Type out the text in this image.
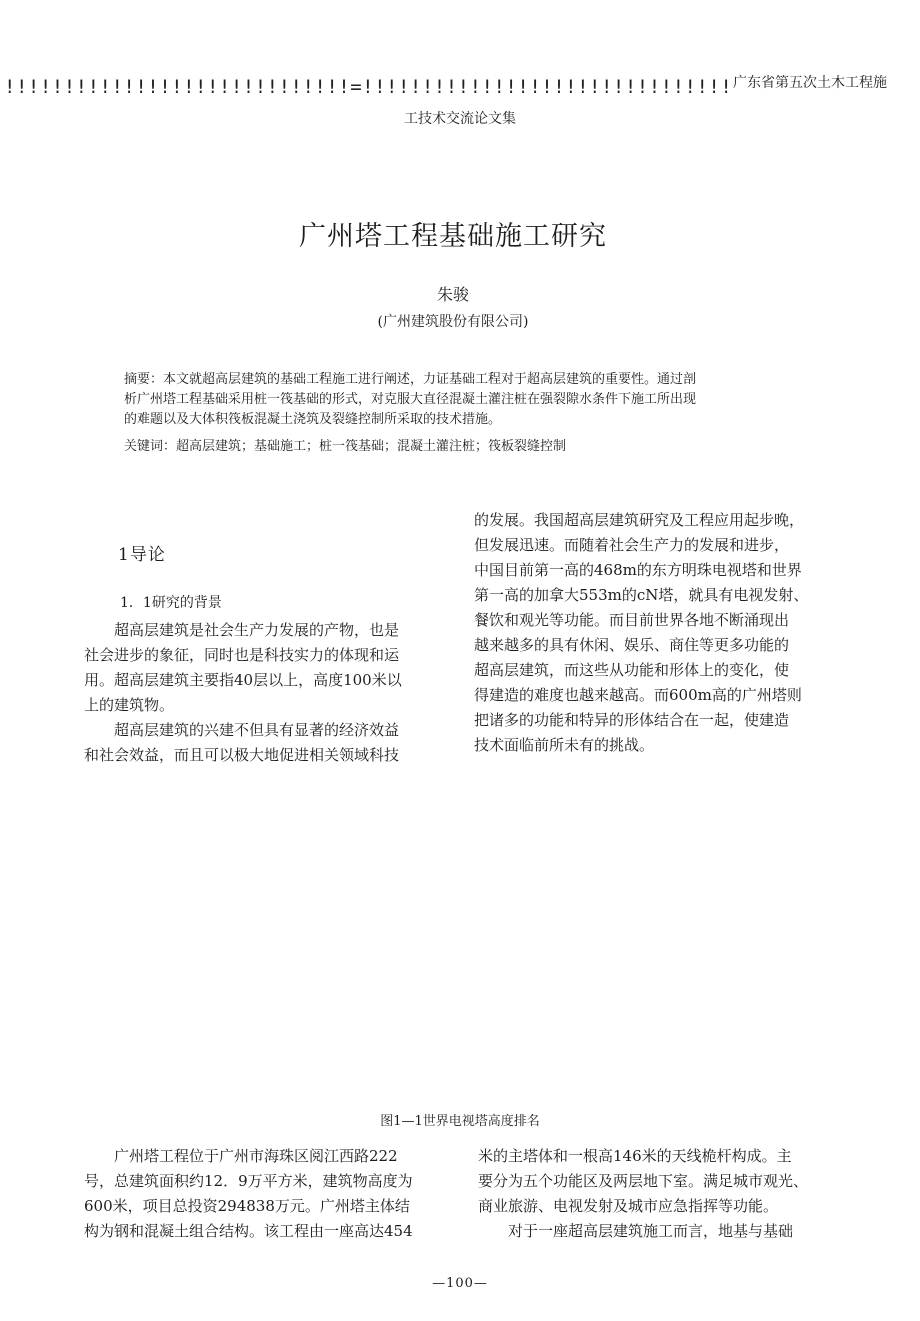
!!!!!!!!!!!!!!!!!!!!!!!!!!!!!=!!!!!!!!!!!!!!!!!!!!!!!!!!!!!!! 广东省第五次土木工程施
工技术交流论文集
广州塔工程基础施工研究
朱骏
(广州建筑股份有限公司)
摘要：本文就超高层建筑的基础工程施工进行阐述，力证基础工程对于超高层建筑的重要性。通过剖
析广州塔工程基础采用桩一筏基础的形式，对克服大直径混凝土灌注桩在强裂隙水条件下施工所出现
的难题以及大体积筏板混凝土浇筑及裂缝控制所采取的技术措施。
关键词：超高层建筑；基础施工；桩一筏基础；混凝土灌注桩；筏板裂缝控制
1导论
1．1研究的背景
　　超高层建筑是社会生产力发展的产物，也是
社会进步的象征，同时也是科技实力的体现和运
用。超高层建筑主要指40层以上，高度100米以
上的建筑物。
　　超高层建筑的兴建不但具有显著的经济效益
和社会效益，而且可以极大地促进相关领域科技
的发展。我国超高层建筑研究及工程应用起步晚，
但发展迅速。而随着社会生产力的发展和进步，
中国目前第一高的468m的东方明珠电视塔和世界
第一高的加拿大553m的cN塔，就具有电视发射、
餐饮和观光等功能。而目前世界各地不断涌现出
越来越多的具有休闲、娱乐、商住等更多功能的
超高层建筑，而这些从功能和形体上的变化，使
得建造的难度也越来越高。而600m高的广州塔则
把诸多的功能和特异的形体结合在一起，使建造
技术面临前所未有的挑战。
图1—1世界电视塔高度排名
　　广州塔工程位于广州市海珠区阅江西路222
号，总建筑面积约12．9万平方米，建筑物高度为
600米，项目总投资294838万元。广州塔主体结
构为钢和混凝土组合结构。该工程由一座高达454
米的主塔体和一根高146米的天线桅杆构成。主
要分为五个功能区及两层地下室。满足城市观光、
商业旅游、电视发射及城市应急指挥等功能。
　　对于一座超高层建筑施工而言，地基与基础
—100—
